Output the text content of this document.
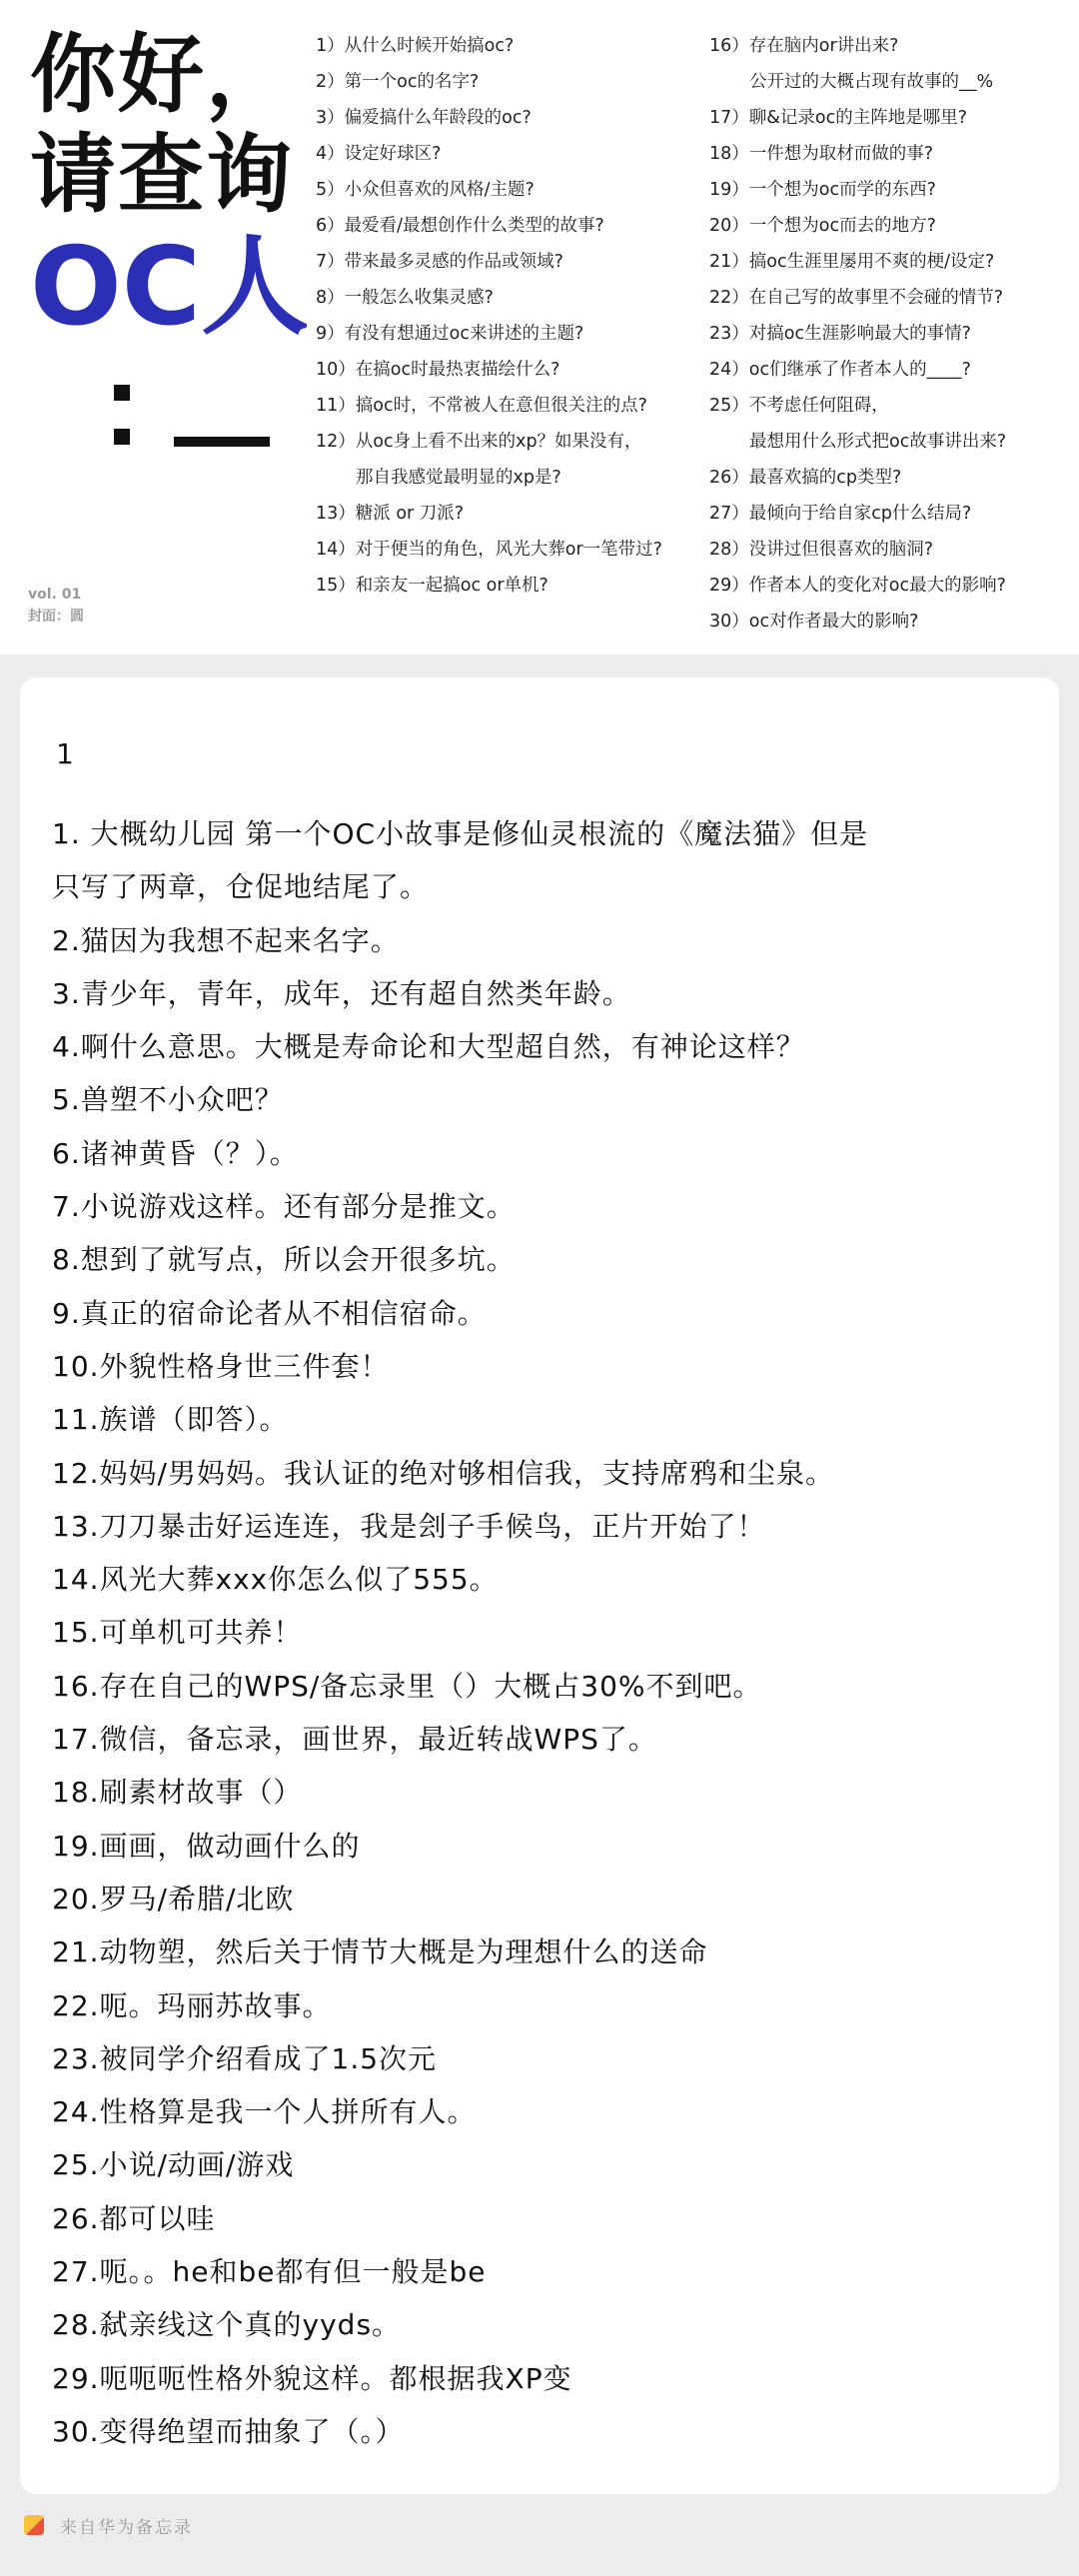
你好，
请查询
OC人
vol. 01
封面：圆
1）从什么时候开始搞oc?
2）第一个oc的名字?
3）偏爱搞什么年龄段的oc?
4）设定好球区?
5）小众但喜欢的风格/主题?
6）最爱看/最想创作什么类型的故事?
7）带来最多灵感的作品或领域?
8）一般怎么收集灵感?
9）有没有想通过oc来讲述的主题?
10）在搞oc时最热衷描绘什么?
11）搞oc时，不常被人在意但很关注的点?
12）从oc身上看不出来的xp？如果没有，
那自我感觉最明显的xp是?
13）糖派 or 刀派?
14）对于便当的角色，风光大葬or一笔带过?
15）和亲友一起搞oc or单机?
16）存在脑内or讲出来?
公开过的大概占现有故事的__%
17）聊&记录oc的主阵地是哪里?
18）一件想为取材而做的事?
19）一个想为oc而学的东西?
20）一个想为oc而去的地方?
21）搞oc生涯里屡用不爽的梗/设定?
22）在自己写的故事里不会碰的情节?
23）对搞oc生涯影响最大的事情?
24）oc们继承了作者本人的____?
25）不考虑任何阻碍，
最想用什么形式把oc故事讲出来?
26）最喜欢搞的cp类型?
27）最倾向于给自家cp什么结局?
28）没讲过但很喜欢的脑洞?
29）作者本人的变化对oc最大的影响?
30）oc对作者最大的影响?
1
1. 大概幼儿园 第一个OC小故事是修仙灵根流的《魔法猫》但是
只写了两章，仓促地结尾了。
2.猫因为我想不起来名字。
3.青少年，青年，成年，还有超自然类年龄。
4.啊什么意思。大概是寿命论和大型超自然，有神论这样？
5.兽塑不小众吧？
6.诸神黄昏（？）。
7.小说游戏这样。还有部分是推文。
8.想到了就写点，所以会开很多坑。
9.真正的宿命论者从不相信宿命。
10.外貌性格身世三件套！
11.族谱（即答）。
12.妈妈/男妈妈。我认证的绝对够相信我，支持席鸦和尘泉。
13.刀刀暴击好运连连，我是刽子手候鸟，正片开始了！
14.风光大葬xxx你怎么似了555。
15.可单机可共养！
16.存在自己的WPS/备忘录里（）大概占30%不到吧。
17.微信，备忘录，画世界，最近转战WPS了。
18.刷素材故事（）
19.画画，做动画什么的
20.罗马/希腊/北欧
21.动物塑，然后关于情节大概是为理想什么的送命
22.呃。玛丽苏故事。
23.被同学介绍看成了1.5次元
24.性格算是我一个人拼所有人。
25.小说/动画/游戏
26.都可以哇
27.呃。。he和be都有但一般是be
28.弑亲线这个真的yyds。
29.呃呃呃性格外貌这样。都根据我XP变
30.变得绝望而抽象了（。）
来自华为备忘录
